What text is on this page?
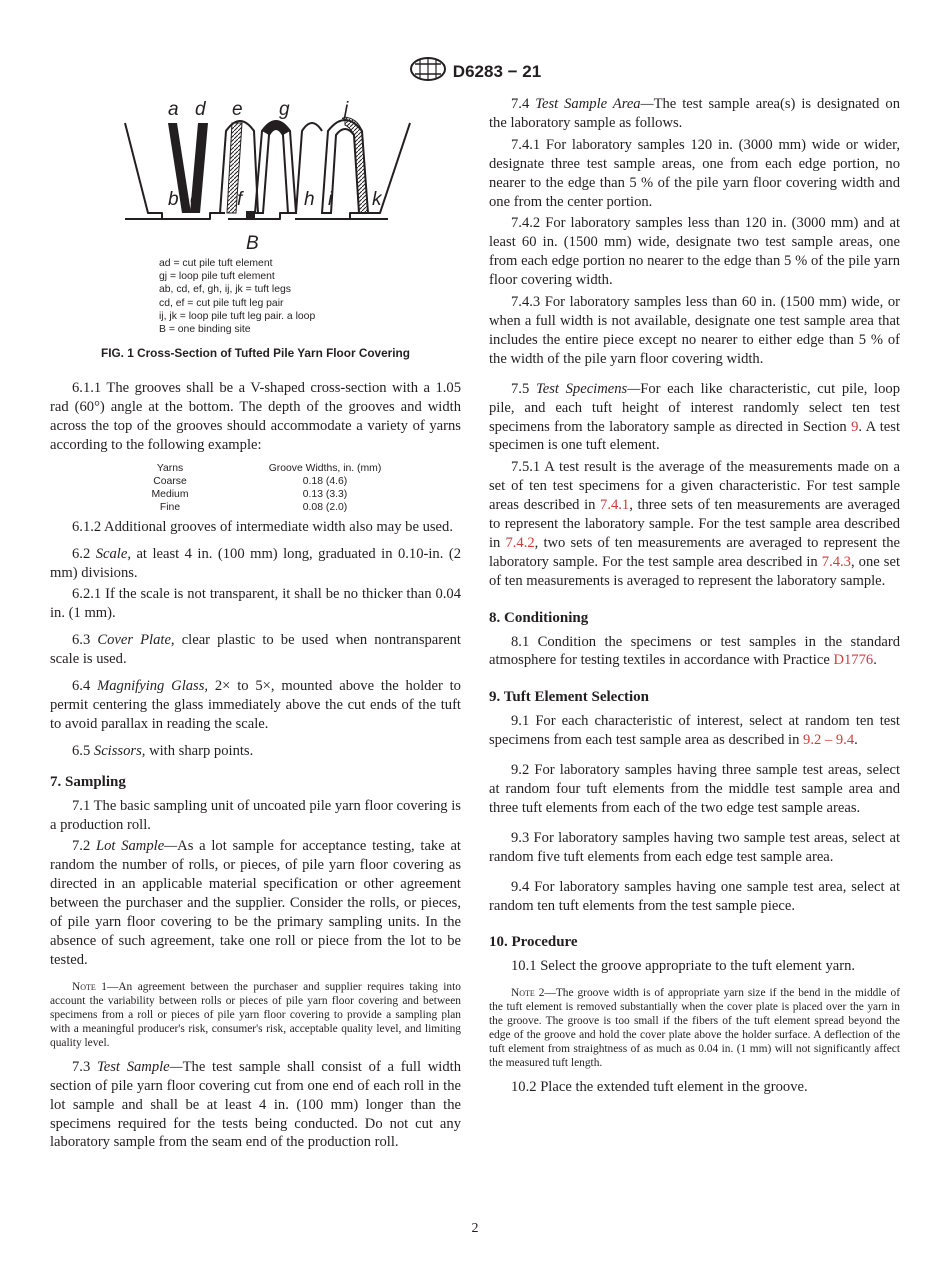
D6283 − 21
a d e g	j
b c f	h i k
B
ad = cut pile tuft element
gj = loop pile tuft element
ab, cd, ef, gh, ij, jk = tuft legs
cd, ef = cut pile tuft leg pair
ij, jk = loop pile tuft leg pair. a loop
B = one binding site
FIG. 1 Cross-Section of Tufted Pile Yarn Floor Covering

6.1.1 The grooves shall be a V-shaped cross-section with a 1.05 rad (60°) angle at the bottom. The depth of the grooves and width across the top of the grooves should accommodate a variety of yarns according to the following example:

Yarns	Groove Widths, in. (mm)
Coarse	0.18 (4.6)
Medium	0.13 (3.3)
Fine	0.08 (2.0)

6.1.2 Additional grooves of intermediate width also may be used.

6.2 Scale, at least 4 in. (100 mm) long, graduated in 0.10-in. (2 mm) divisions.

6.2.1 If the scale is not transparent, it shall be no thicker than 0.04 in. (1 mm).

6.3 Cover Plate, clear plastic to be used when nontransparent scale is used.

6.4 Magnifying Glass, 2× to 5×, mounted above the holder to permit centering the glass immediately above the cut ends of the tuft to avoid parallax in reading the scale.

6.5 Scissors, with sharp points.

7. Sampling

7.1 The basic sampling unit of uncoated pile yarn floor covering is a production roll.

7.2 Lot Sample—As a lot sample for acceptance testing, take at random the number of rolls, or pieces, of pile yarn floor covering as directed in an applicable material specification or other agreement between the purchaser and the supplier. Consider the rolls, or pieces, of pile yarn floor covering to be the primary sampling units. In the absence of such agreement, take one roll or piece from the lot to be tested.

Note 1—An agreement between the purchaser and supplier requires taking into account the variability between rolls or pieces of pile yarn floor covering and between specimens from a roll or pieces of pile yarn floor covering to provide a sampling plan with a meaningful producer's risk, consumer's risk, acceptable quality level, and limiting quality level.

7.3 Test Sample—The test sample shall consist of a full width section of pile yarn floor covering cut from one end of each roll in the lot sample and shall be at least 4 in. (100 mm) longer than the specimens required for the tests being conducted. Do not cut any laboratory sample from the seam end of the production roll.

7.4 Test Sample Area—The test sample area(s) is designated on the laboratory sample as follows.

7.4.1 For laboratory samples 120 in. (3000 mm) wide or wider, designate three test sample areas, one from each edge portion, no nearer to the edge than 5 % of the pile yarn floor covering width and one from the center portion.

7.4.2 For laboratory samples less than 120 in. (3000 mm) and at least 60 in. (1500 mm) wide, designate two test sample areas, one from each edge portion no nearer to the edge than 5 % of the pile yarn floor covering width.

7.4.3 For laboratory samples less than 60 in. (1500 mm) wide, or when a full width is not available, designate one test sample area that includes the entire piece except no nearer to either edge than 5 % of the width of the pile yarn floor covering width.

7.5 Test Specimens—For each like characteristic, cut pile, loop pile, and each tuft height of interest randomly select ten test specimens from the laboratory sample as directed in Section 9. A test specimen is one tuft element.

7.5.1 A test result is the average of the measurements made on a set of ten test specimens for a given characteristic. For test sample areas described in 7.4.1, three sets of ten measurements are averaged to represent the laboratory sample. For the test sample area described in 7.4.2, two sets of ten measurements are averaged to represent the laboratory sample. For the test sample area described in 7.4.3, one set of ten measurements is averaged to represent the laboratory sample.

8. Conditioning

8.1 Condition the specimens or test samples in the standard atmosphere for testing textiles in accordance with Practice D1776.

9. Tuft Element Selection

9.1 For each characteristic of interest, select at random ten test specimens from each test sample area as described in 9.2 – 9.4.

9.2 For laboratory samples having three sample test areas, select at random four tuft elements from the middle test sample area and three tuft elements from each of the two edge test sample areas.

9.3 For laboratory samples having two sample test areas, select at random five tuft elements from each edge test sample area.

9.4 For laboratory samples having one sample test area, select at random ten tuft elements from the test sample piece.

10. Procedure

10.1 Select the groove appropriate to the tuft element yarn.

Note 2—The groove width is of appropriate yarn size if the bend in the middle of the tuft element is removed substantially when the cover plate is placed over the yarn in the groove. The groove is too small if the fibers of the tuft element spread beyond the edge of the groove and hold the cover plate above the holder surface. A deflection of the tuft element from straightness of as much as 0.04 in. (1 mm) will not significantly affect the measured tuft length.

10.2 Place the extended tuft element in the groove.

2
